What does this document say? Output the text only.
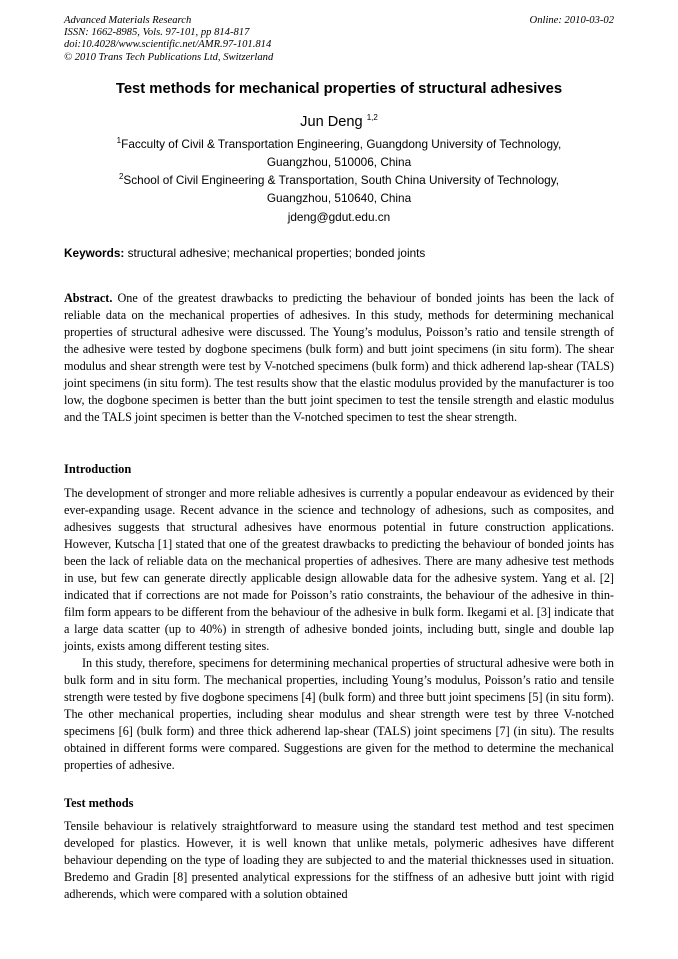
Advanced Materials Research
ISSN: 1662-8985, Vols. 97-101, pp 814-817
doi:10.4028/www.scientific.net/AMR.97-101.814
© 2010 Trans Tech Publications Ltd, Switzerland
Online: 2010-03-02
Test methods for mechanical properties of structural adhesives
Jun Deng $^{1,2}$
$^1$Facculty of Civil & Transportation Engineering, Guangdong University of Technology,
Guangzhou, 510006, China
$^2$School of Civil Engineering & Transportation, South China University of Technology,
Guangzhou, 510640, China
jdeng@gdut.edu.cn
Keywords: structural adhesive; mechanical properties; bonded joints

Abstract. One of the greatest drawbacks to predicting the behaviour of bonded joints has been the lack of reliable data on the mechanical properties of adhesives. In this study, methods for determining mechanical properties of structural adhesive were discussed. The Young’s modulus, Poisson’s ratio and tensile strength of the adhesive were tested by dogbone specimens (bulk form) and butt joint specimens (in situ form). The shear modulus and shear strength were test by V-notched specimens (bulk form) and thick adherend lap-shear (TALS) joint specimens (in situ form). The test results show that the elastic modulus provided by the manufacturer is too low, the dogbone specimen is better than the butt joint specimen to test the tensile strength and elastic modulus and the TALS joint specimen is better than the V-notched specimen to test the shear strength.

Introduction

The development of stronger and more reliable adhesives is currently a popular endeavour as evidenced by their ever-expanding usage. Recent advance in the science and technology of adhesions, such as composites, and adhesives suggests that structural adhesives have enormous potential in future construction applications. However, Kutscha [1] stated that one of the greatest drawbacks to predicting the behaviour of bonded joints has been the lack of reliable data on the mechanical properties of adhesives. There are many adhesive test methods in use, but few can generate directly applicable design allowable data for the adhesive system. Yang et al. [2] indicated that if corrections are not made for Poisson’s ratio constraints, the behaviour of the adhesive in thin-film form appears to be different from the behaviour of the adhesive in bulk form. Ikegami et al. [3] indicate that a large data scatter (up to 40%) in strength of adhesive bonded joints, including butt, single and double lap joints, exists among different testing sites.

In this study, therefore, specimens for determining mechanical properties of structural adhesive were both in bulk form and in situ form. The mechanical properties, including Young’s modulus, Poisson’s ratio and tensile strength were tested by five dogbone specimens [4] (bulk form) and three butt joint specimens [5] (in situ form). The other mechanical properties, including shear modulus and shear strength were test by three V-notched specimens [6] (bulk form) and three thick adherend lap-shear (TALS) joint specimens [7] (in situ). The results obtained in different forms were compared. Suggestions are given for the method to determine the mechanical properties of adhesive.

Test methods

Tensile behaviour is relatively straightforward to measure using the standard test method and test specimen developed for plastics. However, it is well known that unlike metals, polymeric adhesives have different behaviour depending on the type of loading they are subjected to and the material thicknesses used in situation. Bredemo and Gradin [8] presented analytical expressions for the stiffness of an adhesive butt joint with rigid adherends, which were compared with a solution obtained
